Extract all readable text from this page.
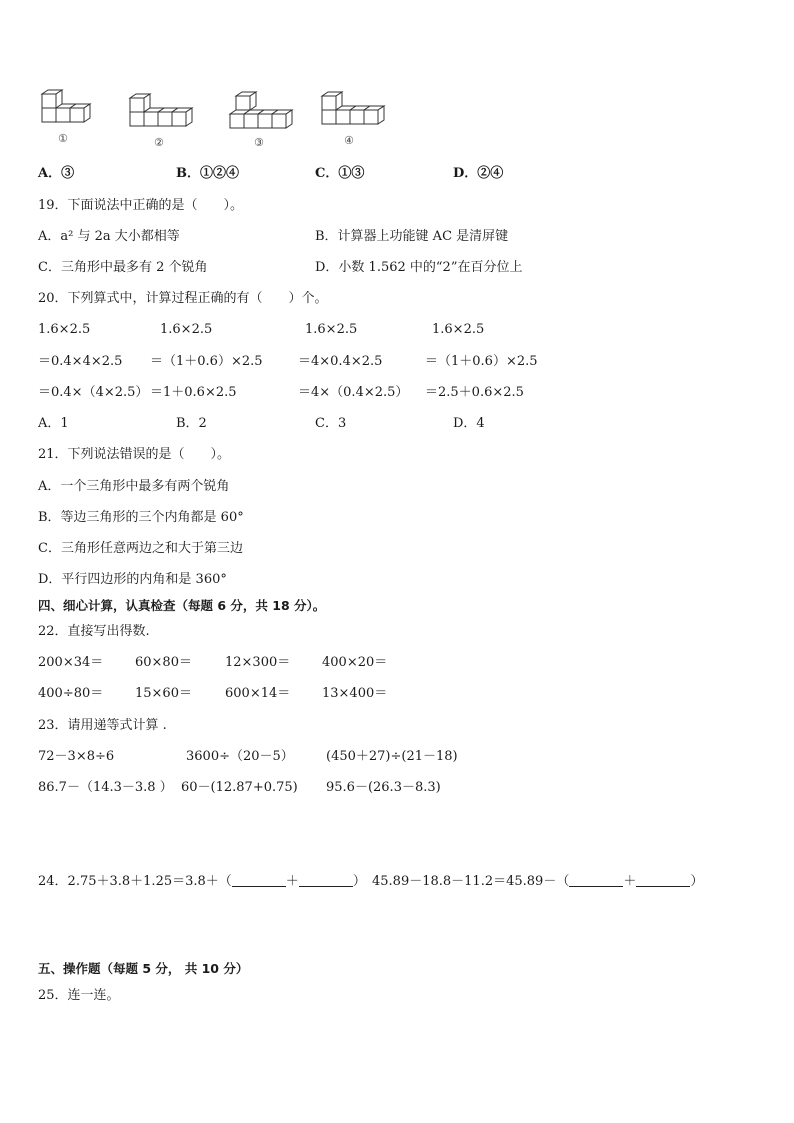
①	②	③	④
A．③	B．①②④	C．①③	D．②④
19．下面说法中正确的是（　　）。
A．a² 与 2a 大小都相等	B．计算器上功能键 AC 是清屏键
C．三角形中最多有 2 个锐角	D．小数 1.562 中的“2”在百分位上
20．下列算式中，计算过程正确的有（　　）个。
1.6×2.5	1.6×2.5	1.6×2.5	1.6×2.5
＝0.4×4×2.5 ＝（1＋0.6）×2.5	＝4×0.4×2.5	＝（1＋0.6）×2.5
＝0.4×（4×2.5） ＝1＋0.6×2.5	＝4×（0.4×2.5） ＝2.5＋0.6×2.5
A．1	B．2	C．3	D．4
21．下列说法错误的是（　　）。
A．一个三角形中最多有两个锐角
B．等边三角形的三个内角都是 60°
C．三角形任意两边之和大于第三边
D．平行四边形的内角和是 360°
四、细心计算，认真检查（每题 6 分，共 18 分）。
22．直接写出得数.
200×34＝ 60×80＝	12×300＝ 400×20＝
400÷80＝ 15×60＝	600×14＝ 13×400＝
23．请用递等式计算 .
72－3×8÷6	3600÷（20－5） (450＋27)÷(21－18)
86.7－（14.3－3.8 ） 60－(12.87+0.75) 95.6－(26.3－8.3)
24．2.75＋3.8＋1.25＝3.8＋（	＋	） 45.89－18.8－11.2＝45.89－（	＋	）
五、操作题（每题 5 分， 共 10 分）
25．连一连。
